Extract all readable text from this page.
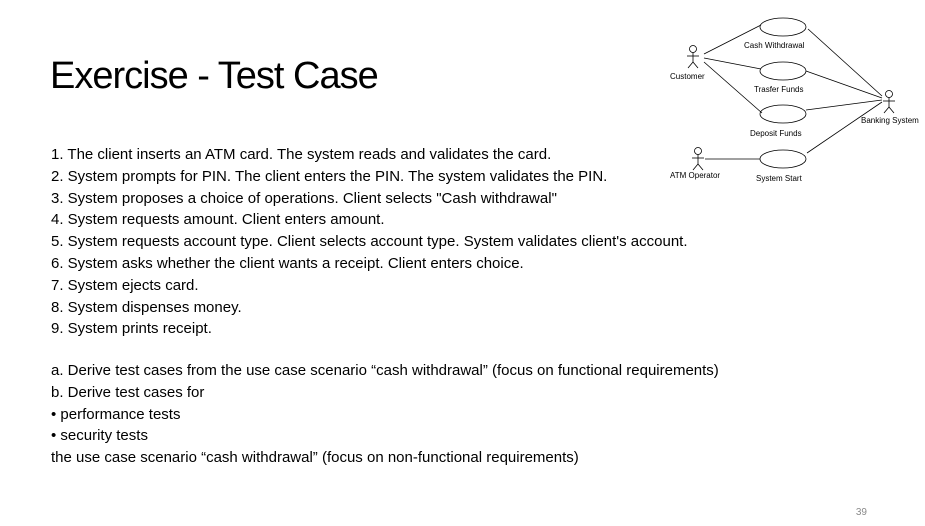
Exercise - Test Case
Cash Withdrawal
Trasfer Funds
Deposit Funds
System Start
Customer
ATM Operator
Banking System
1. The client inserts an ATM card. The system reads and validates the card.
2. System prompts for PIN. The client enters the PIN. The system validates the PIN.
3. System proposes a choice of operations. Client selects "Cash withdrawal"
4. System requests amount. Client enters amount.
5. System requests account type. Client selects account type. System validates client's account.
6. System asks whether the client wants a receipt. Client enters choice.
7. System ejects card.
8. System dispenses money.
9. System prints receipt.
a. Derive test cases from the use case scenario “cash withdrawal” (focus on functional requirements)
b. Derive test cases for
• performance tests
• security tests
the use case scenario “cash withdrawal” (focus on non-functional requirements)
39
